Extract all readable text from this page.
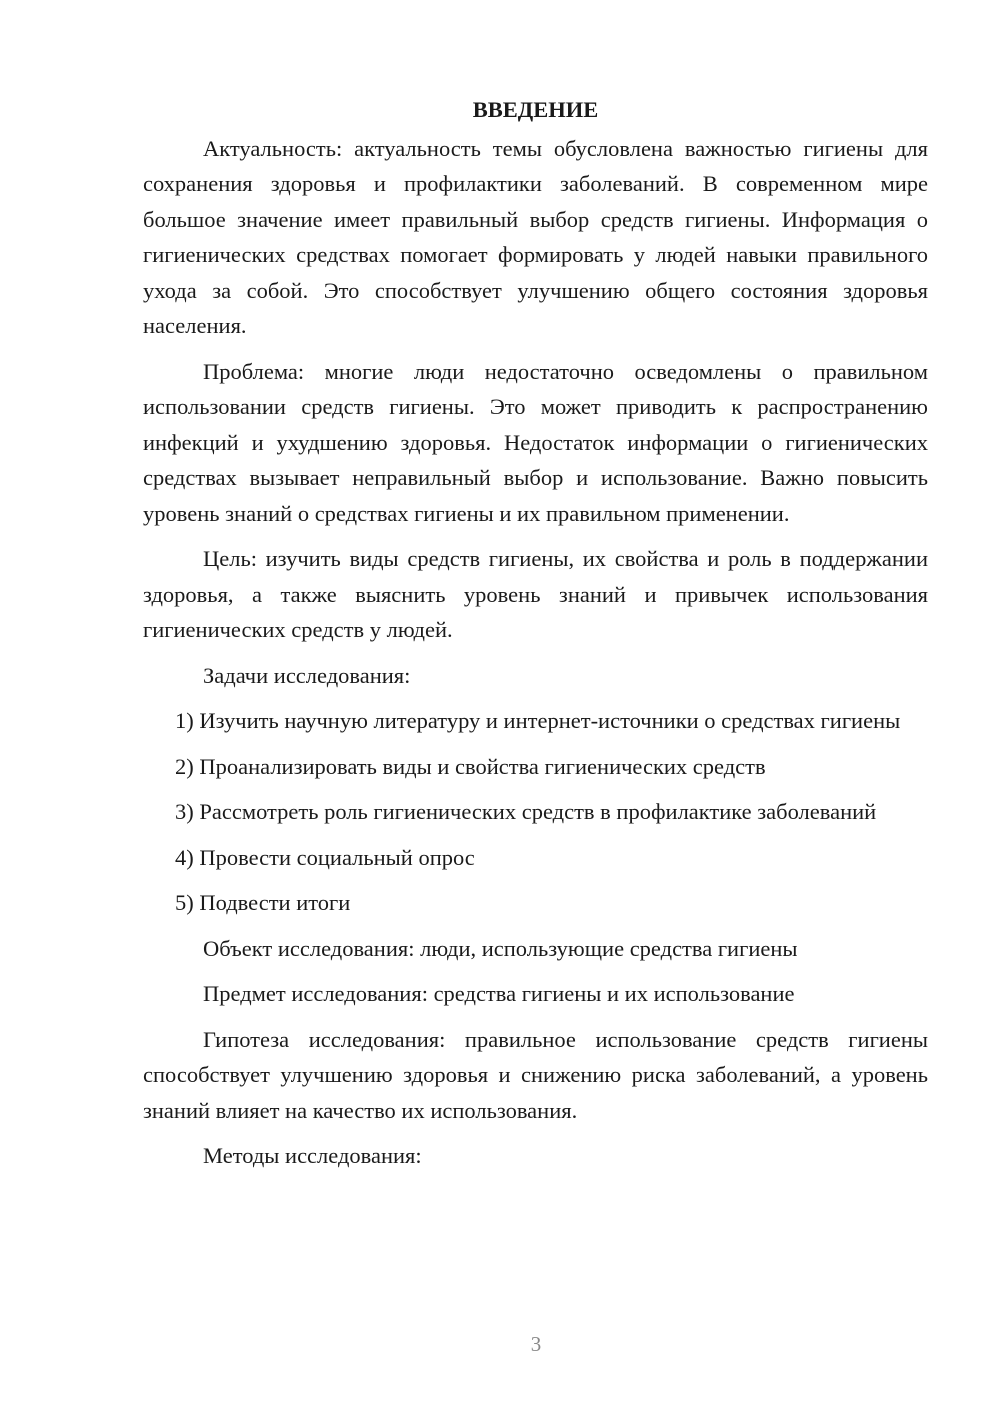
ВВЕДЕНИЕ

Актуальность: актуальность темы обусловлена важностью гигиены для сохранения здоровья и профилактики заболеваний. В современном мире большое значение имеет правильный выбор средств гигиены. Информация о гигиенических средствах помогает формировать у людей навыки правильного ухода за собой. Это способствует улучшению общего состояния здоровья населения.

Проблема: многие люди недостаточно осведомлены о правильном использовании средств гигиены. Это может приводить к распространению инфекций и ухудшению здоровья. Недостаток информации о гигиенических средствах вызывает неправильный выбор и использование. Важно повысить уровень знаний о средствах гигиены и их правильном применении.

Цель: изучить виды средств гигиены, их свойства и роль в поддержании здоровья, а также выяснить уровень знаний и привычек использования гигиенических средств у людей.

Задачи исследования:

1) Изучить научную литературу и интернет-источники о средствах гигиены

2) Проанализировать виды и свойства гигиенических средств

3) Рассмотреть роль гигиенических средств в профилактике заболеваний

4) Провести социальный опрос

5) Подвести итоги

Объект исследования: люди, использующие средства гигиены

Предмет исследования: средства гигиены и их использование

Гипотеза исследования: правильное использование средств гигиены способствует улучшению здоровья и снижению риска заболеваний, а уровень знаний влияет на качество их использования.

Методы исследования:

3
